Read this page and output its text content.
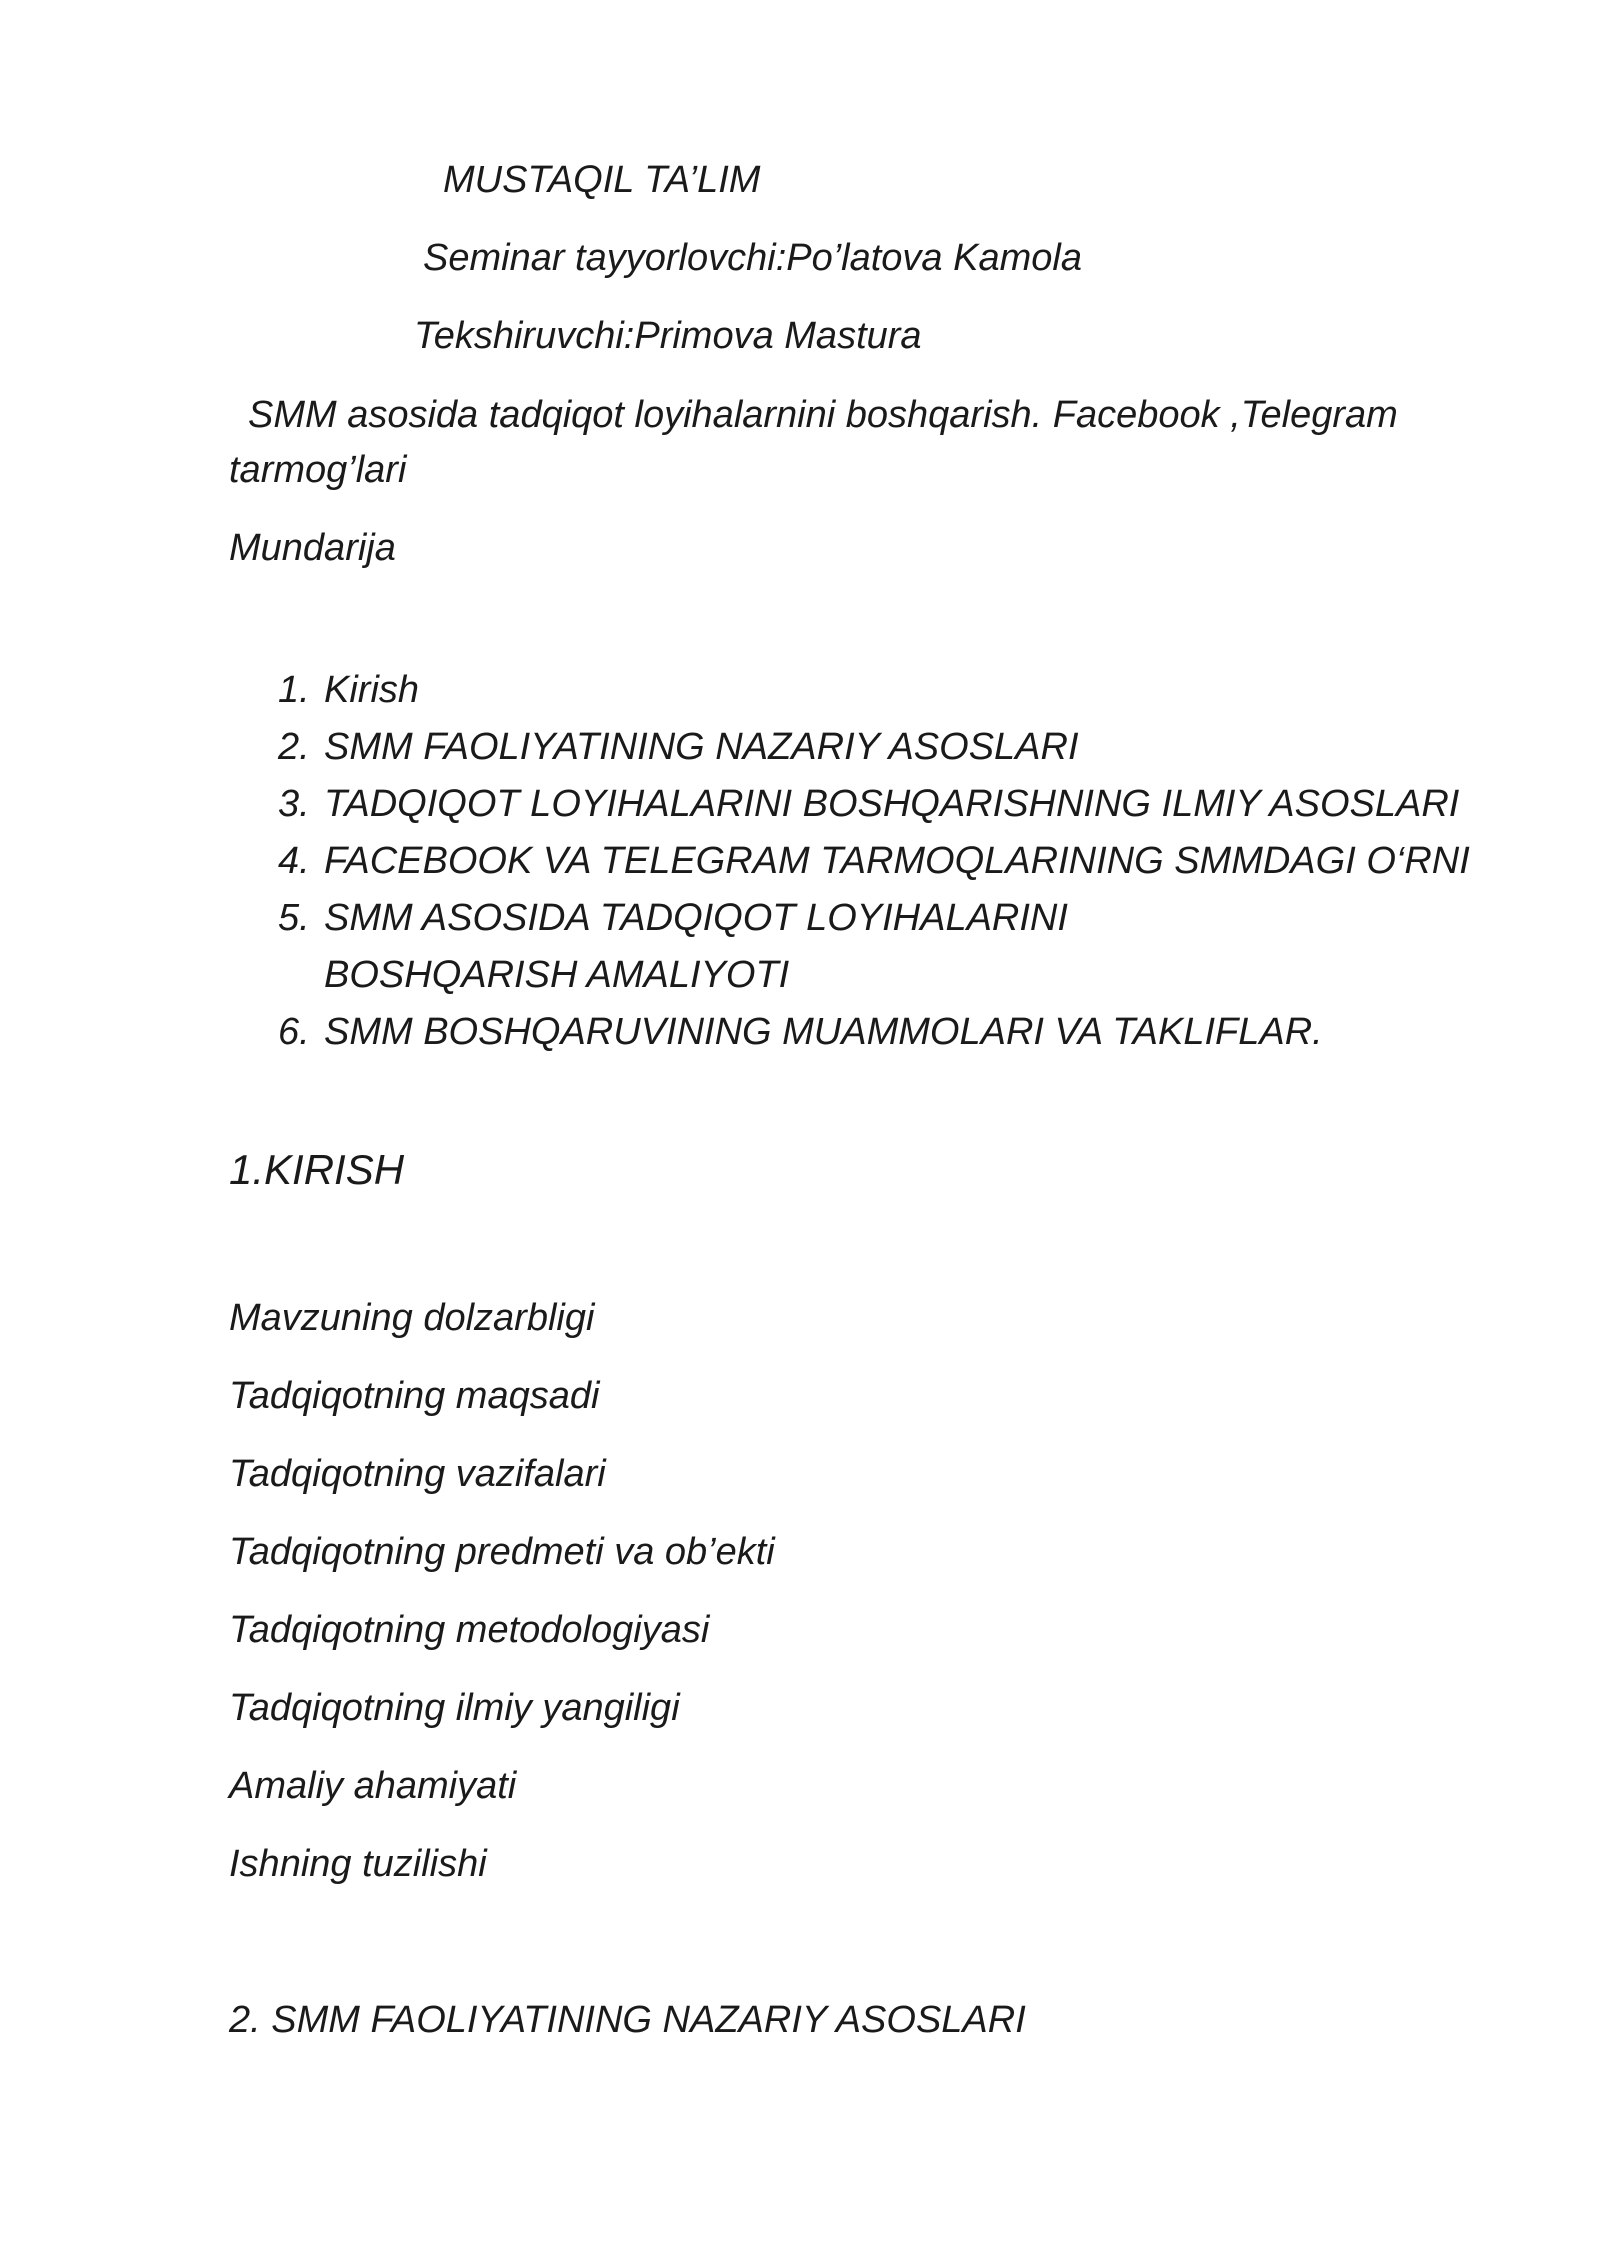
MUSTAQIL TA’LIM
Seminar tayyorlovchi:Po’latova Kamola
Tekshiruvchi:Primova Mastura
SMM asosida tadqiqot loyihalarnini boshqarish. Facebook ,Telegram
tarmog’lari
Mundarija
1. Kirish
2. SMM FAOLIYATINING NAZARIY ASOSLARI
3. TADQIQOT LOYIHALARINI BOSHQARISHNING ILMIY ASOSLARI
4. FACEBOOK VA TELEGRAM TARMOQLARINING SMMDAGI O‘RNI
5. SMM ASOSIDA TADQIQOT LOYIHALARINI BOSHQARISH AMALIYOTI
6. SMM BOSHQARUVINING MUAMMOLARI VA TAKLIFLAR.
1.KIRISH
Mavzuning dolzarbligi
Tadqiqotning maqsadi
Tadqiqotning vazifalari
Tadqiqotning predmeti va ob’ekti
Tadqiqotning metodologiyasi
Tadqiqotning ilmiy yangiligi
Amaliy ahamiyati
Ishning tuzilishi
2. SMM FAOLIYATINING NAZARIY ASOSLARI
